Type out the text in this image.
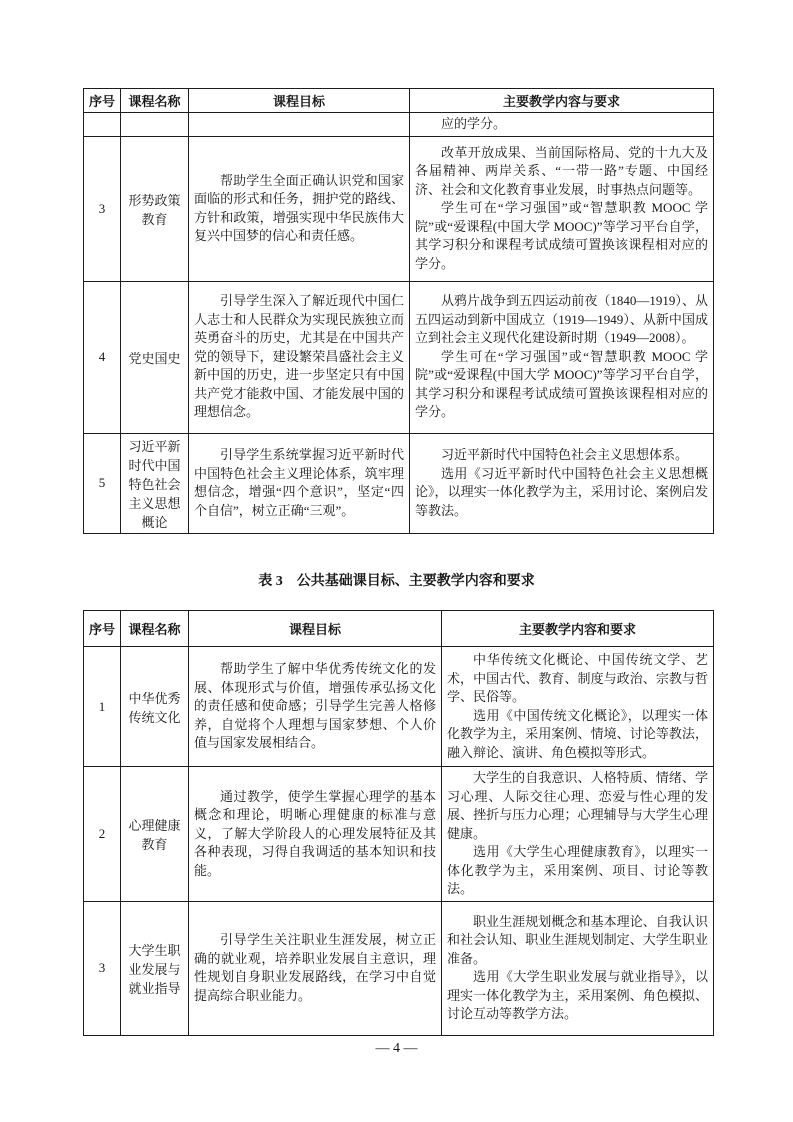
序号	课程名称	课程目标	主要教学内容与要求

			应的学分。

3	形势政策教育	帮助学生全面正确认识党和国家面临的形式和任务，拥护党的路线、方针和政策，增强实现中华民族伟大复兴中国梦的信心和责任感。	改革开放成果、当前国际格局、党的十九大及各届精神、两岸关系、“一带一路”专题、中国经济、社会和文化教育事业发展，时事热点问题等。

学生可在“学习强国”或“智慧职教 MOOC 学院”或“爱课程(中国大学 MOOC)”等学习平台自学，其学习积分和课程考试成绩可置换该课程相对应的学分。

4	党史国史	引导学生深入了解近现代中国仁人志士和人民群众为实现民族独立而英勇奋斗的历史，尤其是在中国共产党的领导下，建设繁荣昌盛社会主义新中国的历史，进一步坚定只有中国共产党才能救中国、才能发展中国的理想信念。	从鸦片战争到五四运动前夜（1840—1919）、从五四运动到新中国成立（1919—1949）、从新中国成立到社会主义现代化建设新时期（1949—2008）。

学生可在“学习强国”或“智慧职教 MOOC 学院”或“爱课程(中国大学 MOOC)”等学习平台自学，其学习积分和课程考试成绩可置换该课程相对应的学分。

5	习近平新时代中国特色社会主义思想概论	引导学生系统掌握习近平新时代中国特色社会主义理论体系，筑牢理想信念，增强“四个意识”，坚定“四个自信”，树立正确“三观”。	习近平新时代中国特色社会主义思想体系。

选用《习近平新时代中国特色社会主义思想概论》，以理实一体化教学为主，采用讨论、案例启发等教法。

表 3　公共基础课目标、主要教学内容和要求
序号	课程名称	课程目标	主要教学内容和要求
1	中华优秀传统文化	帮助学生了解中华优秀传统文化的发展、体现形式与价值，增强传承弘扬文化的责任感和使命感；引导学生完善人格修养，自觉将个人理想与国家梦想、个人价值与国家发展相结合。	中华传统文化概论、中国传统文学、艺术，中国古代、教育、制度与政治、宗教与哲学、民俗等。

选用《中国传统文化概论》，以理实一体化教学为主，采用案例、情境、讨论等教法，融入辩论、演讲、角色模拟等形式。

2	心理健康教育	通过教学，使学生掌握心理学的基本概念和理论，明晰心理健康的标准与意义，了解大学阶段人的心理发展特征及其各种表现，习得自我调适的基本知识和技能。	大学生的自我意识、人格特质、情绪、学习心理、人际交往心理、恋爱与性心理的发展、挫折与压力心理；心理辅导与大学生心理健康。

选用《大学生心理健康教育》，以理实一体化教学为主，采用案例、项目、讨论等教法。

3	大学生职业发展与就业指导	引导学生关注职业生涯发展，树立正确的就业观，培养职业发展自主意识，理性规划自身职业发展路线，在学习中自觉提高综合职业能力。	职业生涯规划概念和基本理论、自我认识和社会认知、职业生涯规划制定、大学生职业准备。

选用《大学生职业发展与就业指导》，以理实一体化教学为主，采用案例、角色模拟、讨论互动等教学方法。

— 4 —
